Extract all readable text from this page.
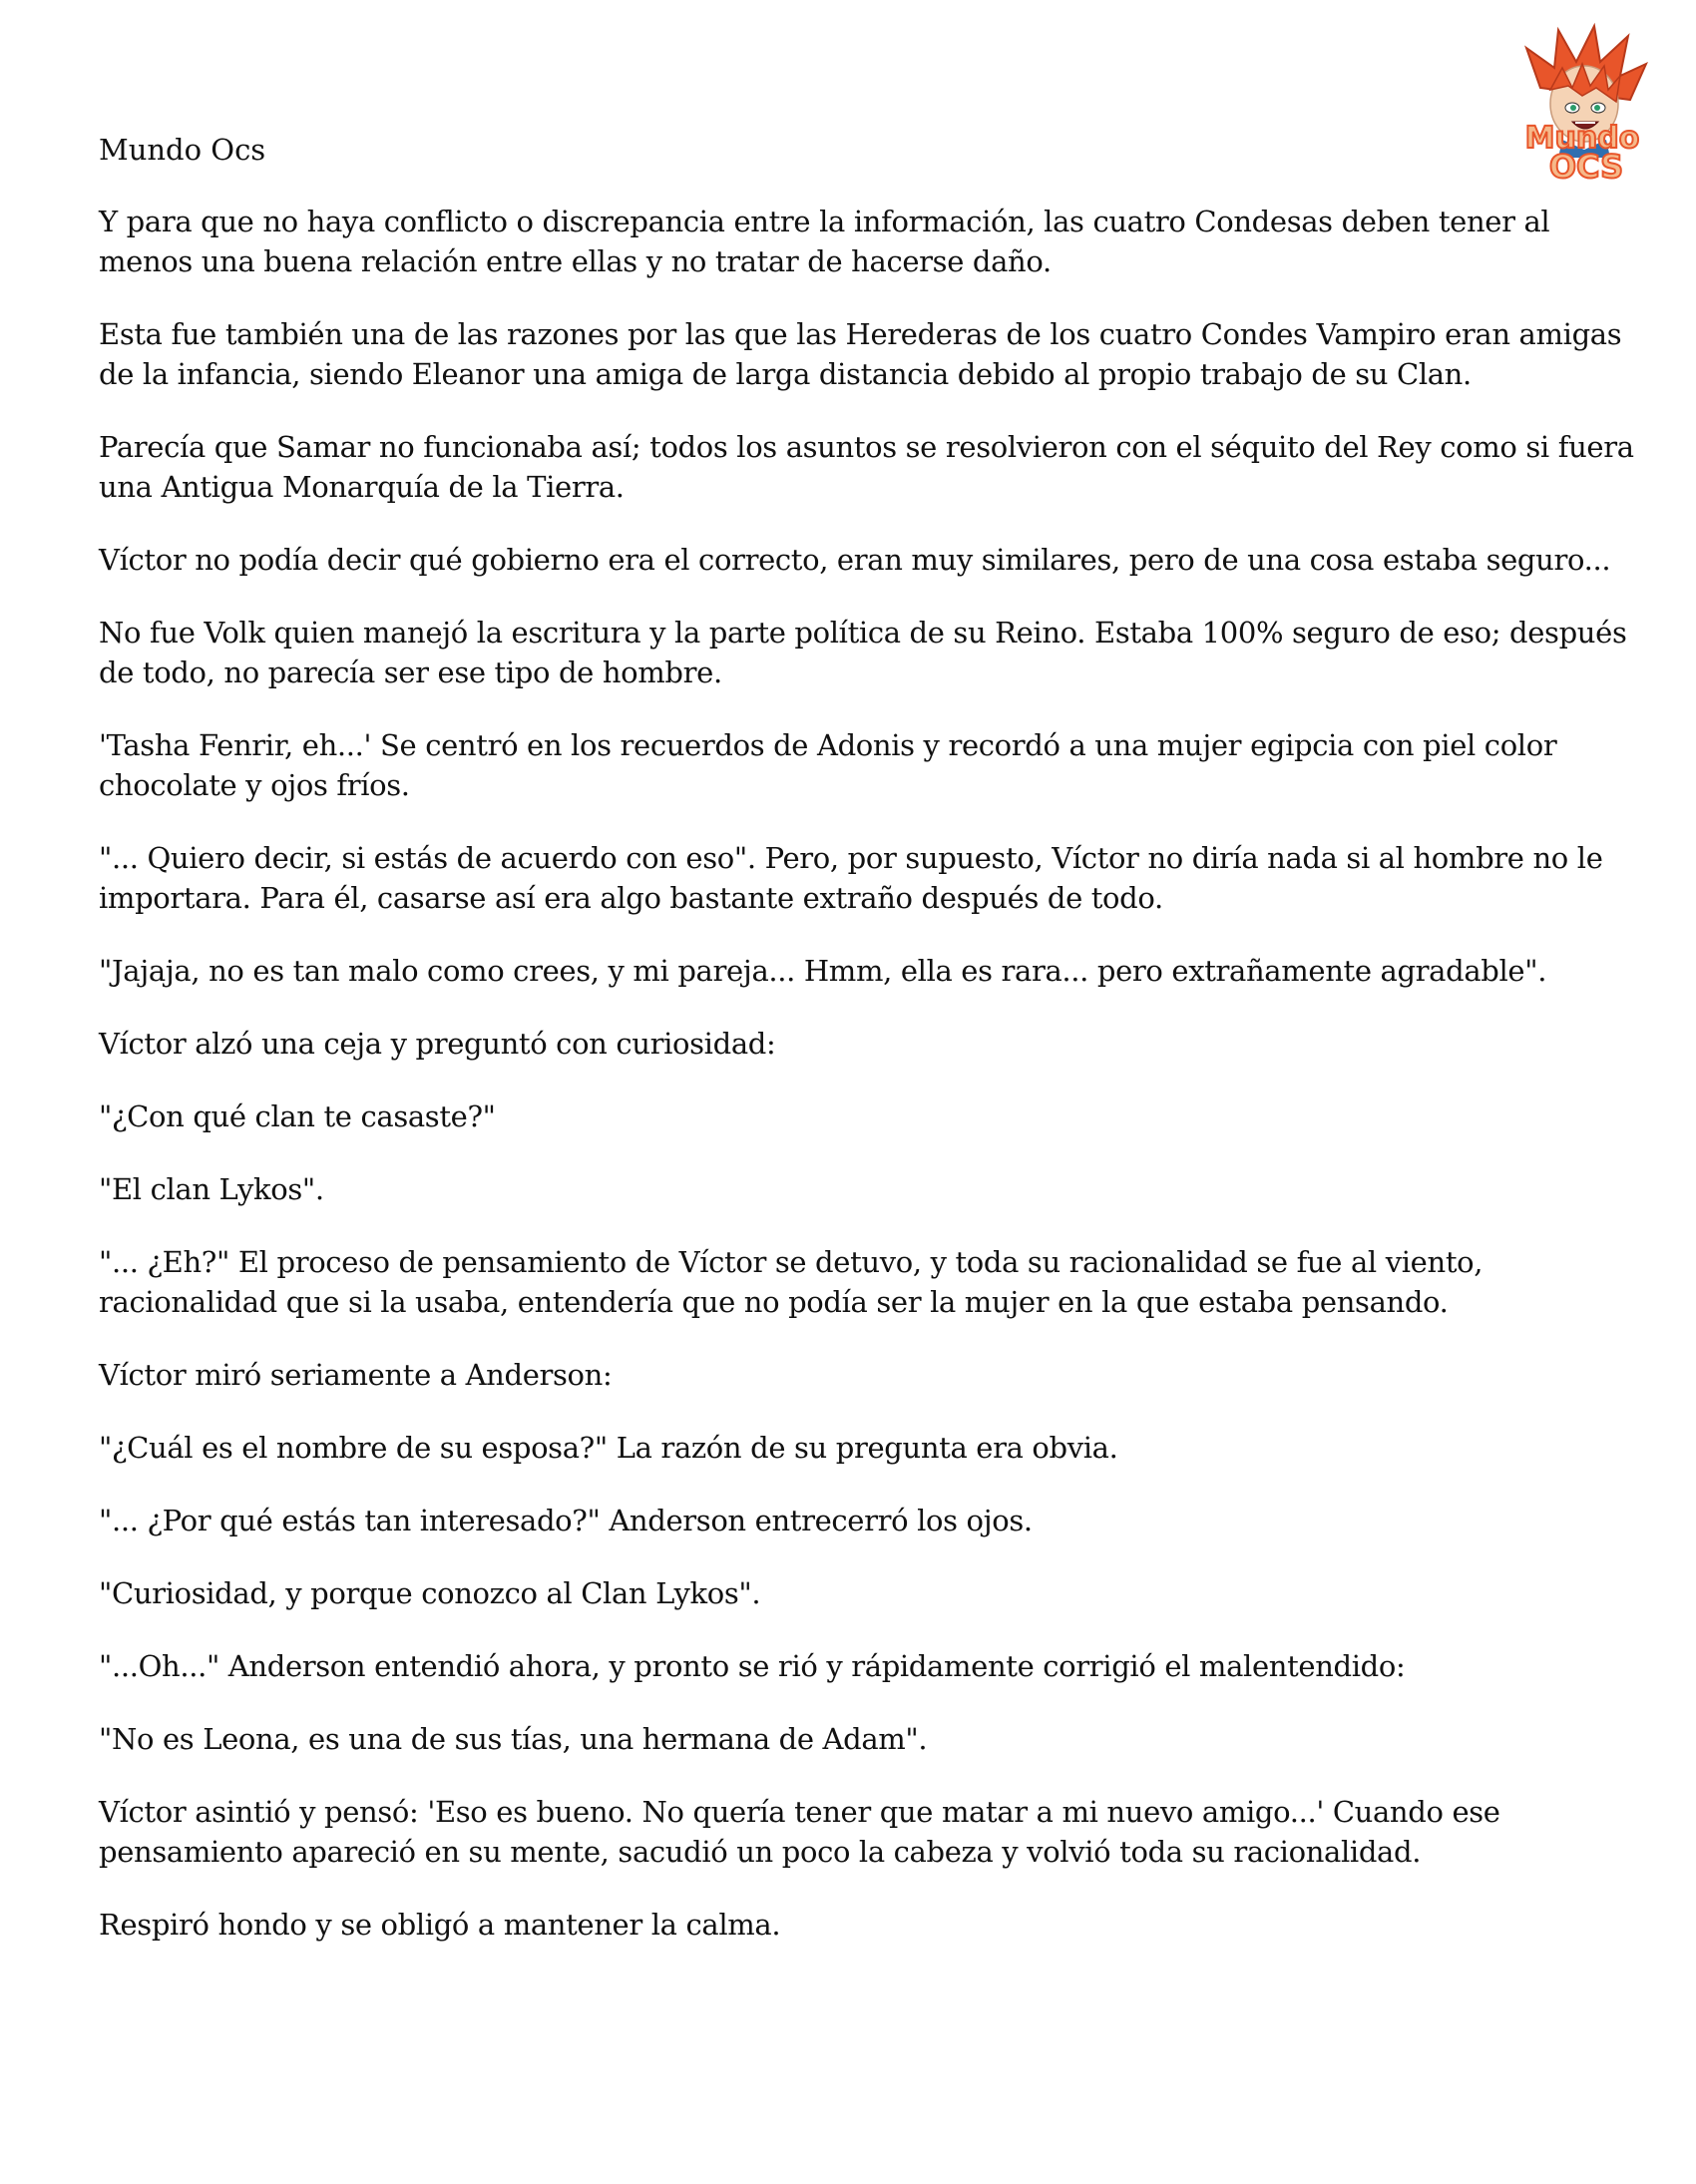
Mundo
OCS
Mundo Ocs

Y para que no haya conflicto o discrepancia entre la información, las cuatro Condesas deben tener al menos una buena relación entre ellas y no tratar de hacerse daño.

Esta fue también una de las razones por las que las Herederas de los cuatro Condes Vampiro eran amigas de la infancia, siendo Eleanor una amiga de larga distancia debido al propio trabajo de su Clan.

Parecía que Samar no funcionaba así; todos los asuntos se resolvieron con el séquito del Rey como si fuera una Antigua Monarquía de la Tierra.

Víctor no podía decir qué gobierno era el correcto, eran muy similares, pero de una cosa estaba seguro...

No fue Volk quien manejó la escritura y la parte política de su Reino. Estaba 100% seguro de eso; después de todo, no parecía ser ese tipo de hombre.

'Tasha Fenrir, eh...' Se centró en los recuerdos de Adonis y recordó a una mujer egipcia con piel color chocolate y ojos fríos.

"... Quiero decir, si estás de acuerdo con eso". Pero, por supuesto, Víctor no diría nada si al hombre no le importara. Para él, casarse así era algo bastante extraño después de todo.

"Jajaja, no es tan malo como crees, y mi pareja... Hmm, ella es rara... pero extrañamente agradable".

Víctor alzó una ceja y preguntó con curiosidad:

"¿Con qué clan te casaste?"

"El clan Lykos".

"... ¿Eh?" El proceso de pensamiento de Víctor se detuvo, y toda su racionalidad se fue al viento, racionalidad que si la usaba, entendería que no podía ser la mujer en la que estaba pensando.

Víctor miró seriamente a Anderson:

"¿Cuál es el nombre de su esposa?" La razón de su pregunta era obvia.

"... ¿Por qué estás tan interesado?" Anderson entrecerró los ojos.

"Curiosidad, y porque conozco al Clan Lykos".

"...Oh..." Anderson entendió ahora, y pronto se rió y rápidamente corrigió el malentendido:

"No es Leona, es una de sus tías, una hermana de Adam".

Víctor asintió y pensó: 'Eso es bueno. No quería tener que matar a mi nuevo amigo...' Cuando ese pensamiento apareció en su mente, sacudió un poco la cabeza y volvió toda su racionalidad.

Respiró hondo y se obligó a mantener la calma.
